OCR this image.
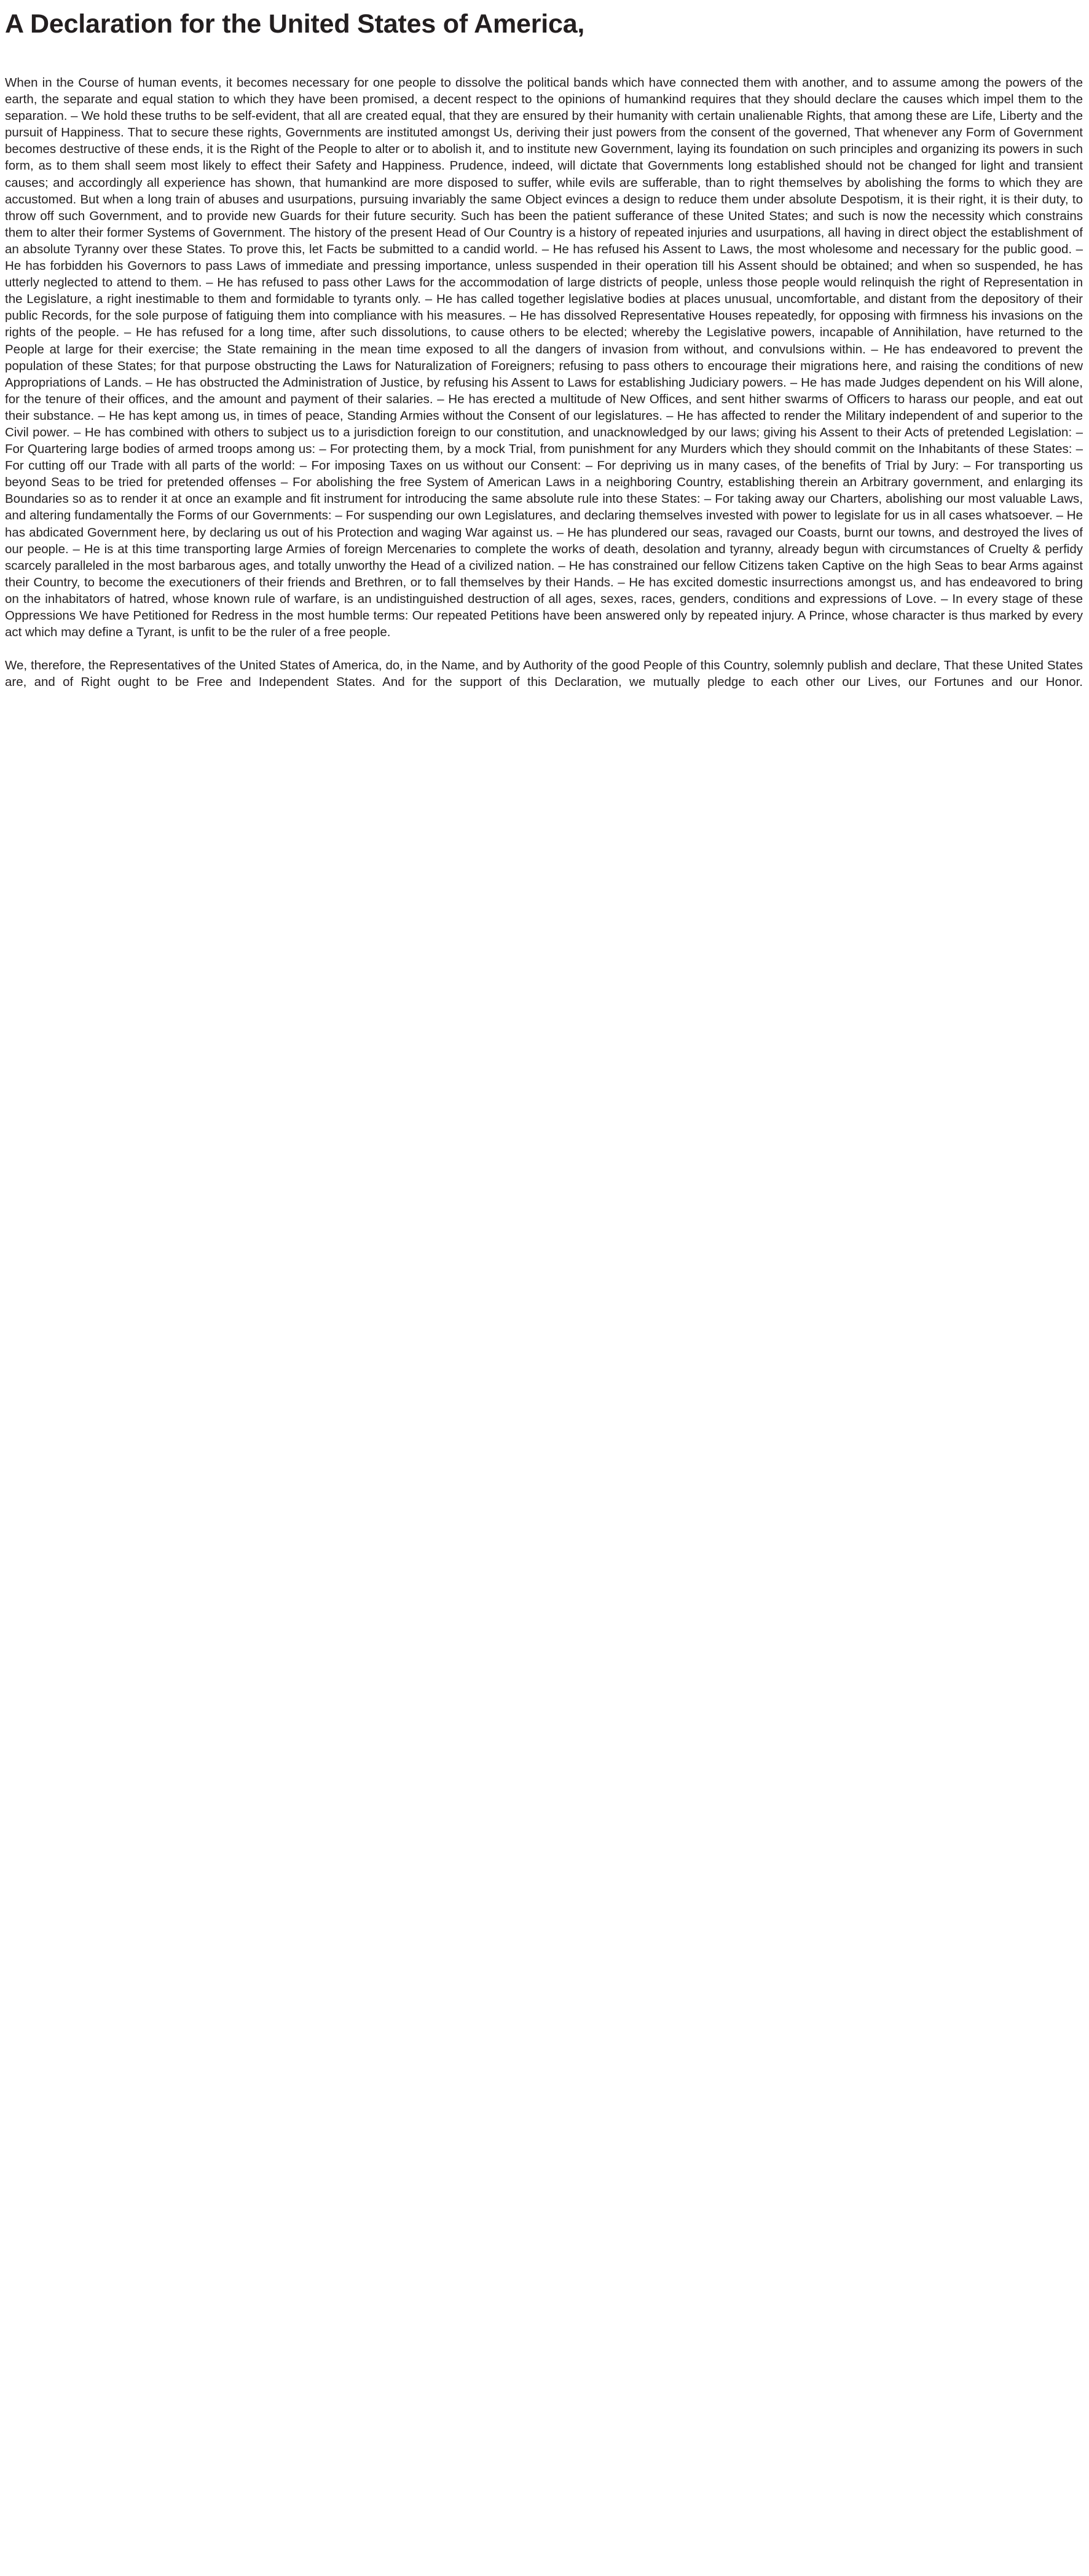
A Declaration for the United States of America,

When in the Course of human events, it becomes necessary for one people to dissolve the political bands which have connected them with another, and to assume among the powers of the earth, the separate and equal station to which they have been promised, a decent respect to the opinions of humankind requires that they should declare the causes which impel them to the separation. – We hold these truths to be self-evident, that all are created equal, that they are ensured by their humanity with certain unalienable Rights, that among these are Life, Liberty and the pursuit of Happiness. That to secure these rights, Governments are instituted amongst Us, deriving their just powers from the consent of the governed, That whenever any Form of Government becomes destructive of these ends, it is the Right of the People to alter or to abolish it, and to institute new Government, laying its foundation on such principles and organizing its powers in such form, as to them shall seem most likely to effect their Safety and Happiness. Prudence, indeed, will dictate that Governments long established should not be changed for light and transient causes; and accordingly all experience has shown, that humankind are more disposed to suffer, while evils are sufferable, than to right themselves by abolishing the forms to which they are accustomed. But when a long train of abuses and usurpations, pursuing invariably the same Object evinces a design to reduce them under absolute Despotism, it is their right, it is their duty, to throw off such Government, and to provide new Guards for their future security. Such has been the patient sufferance of these United States; and such is now the necessity which constrains them to alter their former Systems of Government. The history of the present Head of Our Country is a history of repeated injuries and usurpations, all having in direct object the establishment of an absolute Tyranny over these States. To prove this, let Facts be submitted to a candid world. – He has refused his Assent to Laws, the most wholesome and necessary for the public good. – He has forbidden his Governors to pass Laws of immediate and pressing importance, unless suspended in their operation till his Assent should be obtained; and when so suspended, he has utterly neglected to attend to them. – He has refused to pass other Laws for the accommodation of large districts of people, unless those people would relinquish the right of Representation in the Legislature, a right inestimable to them and formidable to tyrants only. – He has called together legislative bodies at places unusual, uncomfortable, and distant from the depository of their public Records, for the sole purpose of fatiguing them into compliance with his measures. – He has dissolved Representative Houses repeatedly, for opposing with firmness his invasions on the rights of the people. – He has refused for a long time, after such dissolutions, to cause others to be elected; whereby the Legislative powers, incapable of Annihilation, have returned to the People at large for their exercise; the State remaining in the mean time exposed to all the dangers of invasion from without, and convulsions within. – He has endeavored to prevent the population of these States; for that purpose obstructing the Laws for Naturalization of Foreigners; refusing to pass others to encourage their migrations here, and raising the conditions of new Appropriations of Lands. – He has obstructed the Administration of Justice, by refusing his Assent to Laws for establishing Judiciary powers. – He has made Judges dependent on his Will alone, for the tenure of their offices, and the amount and payment of their salaries. – He has erected a multitude of New Offices, and sent hither swarms of Officers to harass our people, and eat out their substance. – He has kept among us, in times of peace, Standing Armies without the Consent of our legislatures. – He has affected to render the Military independent of and superior to the Civil power. – He has combined with others to subject us to a jurisdiction foreign to our constitution, and unacknowledged by our laws; giving his Assent to their Acts of pretended Legislation: – For Quartering large bodies of armed troops among us: – For protecting them, by a mock Trial, from punishment for any Murders which they should commit on the Inhabitants of these States: – For cutting off our Trade with all parts of the world: – For imposing Taxes on us without our Consent: – For depriving us in many cases, of the benefits of Trial by Jury: – For transporting us beyond Seas to be tried for pretended offenses – For abolishing the free System of American Laws in a neighboring Country, establishing therein an Arbitrary government, and enlarging its Boundaries so as to render it at once an example and fit instrument for introducing the same absolute rule into these States: – For taking away our Charters, abolishing our most valuable Laws, and altering fundamentally the Forms of our Governments: – For suspending our own Legislatures, and declaring themselves invested with power to legislate for us in all cases whatsoever. – He has abdicated Government here, by declaring us out of his Protection and waging War against us. – He has plundered our seas, ravaged our Coasts, burnt our towns, and destroyed the lives of our people. – He is at this time transporting large Armies of foreign Mercenaries to complete the works of death, desolation and tyranny, already begun with circumstances of Cruelty & perfidy scarcely paralleled in the most barbarous ages, and totally unworthy the Head of a civilized nation. – He has constrained our fellow Citizens taken Captive on the high Seas to bear Arms against their Country, to become the executioners of their friends and Brethren, or to fall themselves by their Hands. – He has excited domestic insurrections amongst us, and has endeavored to bring on the inhabitators of hatred, whose known rule of warfare, is an undistinguished destruction of all ages, sexes, races, genders, conditions and expressions of Love. – In every stage of these Oppressions We have Petitioned for Redress in the most humble terms: Our repeated Petitions have been answered only by repeated injury. A Prince, whose character is thus marked by every act which may define a Tyrant, is unfit to be the ruler of a free people.

We, therefore, the Representatives of the United States of America, do, in the Name, and by Authority of the good People of this Country, solemnly publish and declare, That these United States are, and of Right ought to be Free and Independent States. And for the support of this Declaration, we mutually pledge to each other our Lives, our Fortunes and our Honor.
